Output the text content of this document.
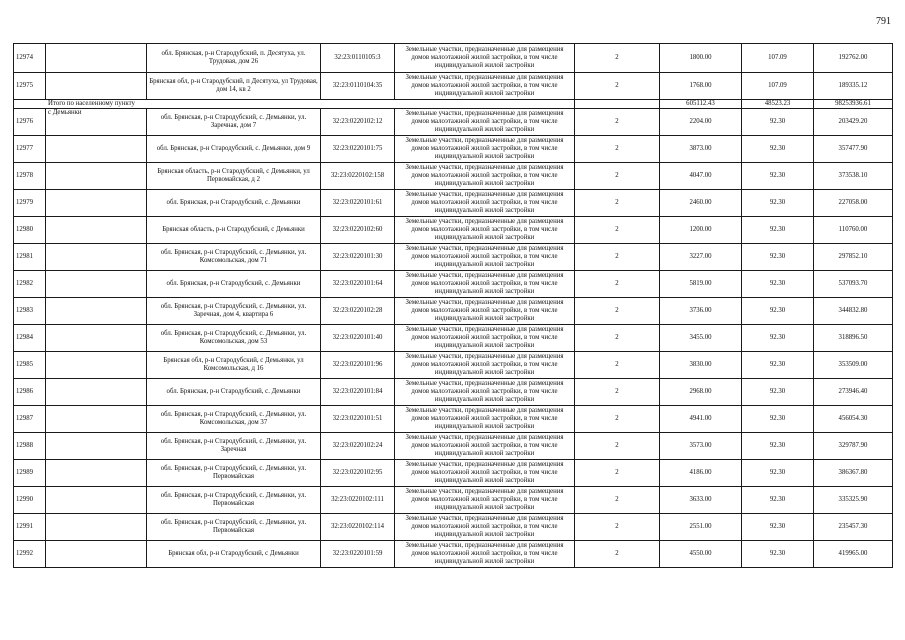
791
12974		обл. Брянская, р-н Стародубский, п. Десятуха, ул. Трудовая, дом 26	32:23:0110105:3	Земельные участки, предназначенные для размещения домов малоэтажной жилой застройки, в том числе индивидуальной жилой застройки	2	1800.00	107.09	192762.00
12975		Брянская обл, р-н Стародубский, п Десятуха, ул Трудовая, дом 14, кв 2	32:23:0110104:35	Земельные участки, предназначенные для размещения домов малоэтажной жилой застройки, в том числе индивидуальной жилой застройки	2	1768.00	107.09	189335.12
Итого по населенному пункту						605112.43	48523.23	98253936.61
12976	с Демьянки	обл. Брянская, р-н Стародубский, с. Демьянки, ул. Заречная, дом 7	32:23:0220102:12	Земельные участки, предназначенные для размещения домов малоэтажной жилой застройки, в том числе индивидуальной жилой застройки	2	2204.00	92.30	203429.20
12977		обл. Брянская, р-н Стародубский, с. Демьянки, дом 9	32:23:0220101:75	Земельные участки, предназначенные для размещения домов малоэтажной жилой застройки, в том числе индивидуальной жилой застройки	2	3873.00	92.30	357477.90
12978		Брянская область, р-н Стародубский, с Демьянки, ул Первомайская, д 2	32:23:0220102:158	Земельные участки, предназначенные для размещения домов малоэтажной жилой застройки, в том числе индивидуальной жилой застройки	2	4047.00	92.30	373538.10
12979		обл. Брянская, р-н Стародубский, с. Демьянки	32:23:0220101:61	Земельные участки, предназначенные для размещения домов малоэтажной жилой застройки, в том числе индивидуальной жилой застройки	2	2460.00	92.30	227058.00
12980		Брянская область, р-н Стародубский, с Демьянки	32:23:0220102:60	Земельные участки, предназначенные для размещения домов малоэтажной жилой застройки, в том числе индивидуальной жилой застройки	2	1200.00	92.30	110760.00
12981		обл. Брянская, р-н Стародубский, с. Демьянки, ул. Комсомольская, дом 71	32:23:0220101:30	Земельные участки, предназначенные для размещения домов малоэтажной жилой застройки, в том числе индивидуальной жилой застройки	2	3227.00	92.30	297852.10
12982		обл. Брянская, р-н Стародубский, с. Демьянки	32:23:0220101:64	Земельные участки, предназначенные для размещения домов малоэтажной жилой застройки, в том числе индивидуальной жилой застройки	2	5819.00	92.30	537093.70
12983		обл. Брянская, р-н Стародубский, с. Демьянки, ул. Заречная, дом 4, квартира 6	32:23:0220102:28	Земельные участки, предназначенные для размещения домов малоэтажной жилой застройки, в том числе индивидуальной жилой застройки	2	3736.00	92.30	344832.80
12984		обл. Брянская, р-н Стародубский, с. Демьянки, ул. Комсомольская, дом 53	32:23:0220101:40	Земельные участки, предназначенные для размещения домов малоэтажной жилой застройки, в том числе индивидуальной жилой застройки	2	3455.00	92.30	318896.50
12985		Брянская обл, р-н Стародубский, с Демьянки, ул Комсомольская, д 16	32:23:0220101:96	Земельные участки, предназначенные для размещения домов малоэтажной жилой застройки, в том числе индивидуальной жилой застройки	2	3830.00	92.30	353509.00
12986		обл. Брянская, р-н Стародубский, с. Демьянки	32:23:0220101:84	Земельные участки, предназначенные для размещения домов малоэтажной жилой застройки, в том числе индивидуальной жилой застройки	2	2968.00	92.30	273946.40
12987		обл. Брянская, р-н Стародубский, с. Демьянки, ул. Комсомольская, дом 37	32:23:0220101:51	Земельные участки, предназначенные для размещения домов малоэтажной жилой застройки, в том числе индивидуальной жилой застройки	2	4941.00	92.30	456054.30
12988		обл. Брянская, р-н Стародубский, с. Демьянки, ул. Заречная	32:23:0220102:24	Земельные участки, предназначенные для размещения домов малоэтажной жилой застройки, в том числе индивидуальной жилой застройки	2	3573.00	92.30	329787.90
12989		обл. Брянская, р-н Стародубский, с. Демьянки, ул. Первомайская	32:23:0220102:95	Земельные участки, предназначенные для размещения домов малоэтажной жилой застройки, в том числе индивидуальной жилой застройки	2	4186.00	92.30	386367.80
12990		обл. Брянская, р-н Стародубский, с. Демьянки, ул. Первомайская	32:23:0220102:111	Земельные участки, предназначенные для размещения домов малоэтажной жилой застройки, в том числе индивидуальной жилой застройки	2	3633.00	92.30	335325.90
12991		обл. Брянская, р-н Стародубский, с. Демьянки, ул. Первомайская	32:23:0220102:114	Земельные участки, предназначенные для размещения домов малоэтажной жилой застройки, в том числе индивидуальной жилой застройки	2	2551.00	92.30	235457.30
12992		Брянская обл, р-н Стародубский, с Демьянки	32:23:0220101:59	Земельные участки, предназначенные для размещения домов малоэтажной жилой застройки, в том числе индивидуальной жилой застройки	2	4550.00	92.30	419965.00
